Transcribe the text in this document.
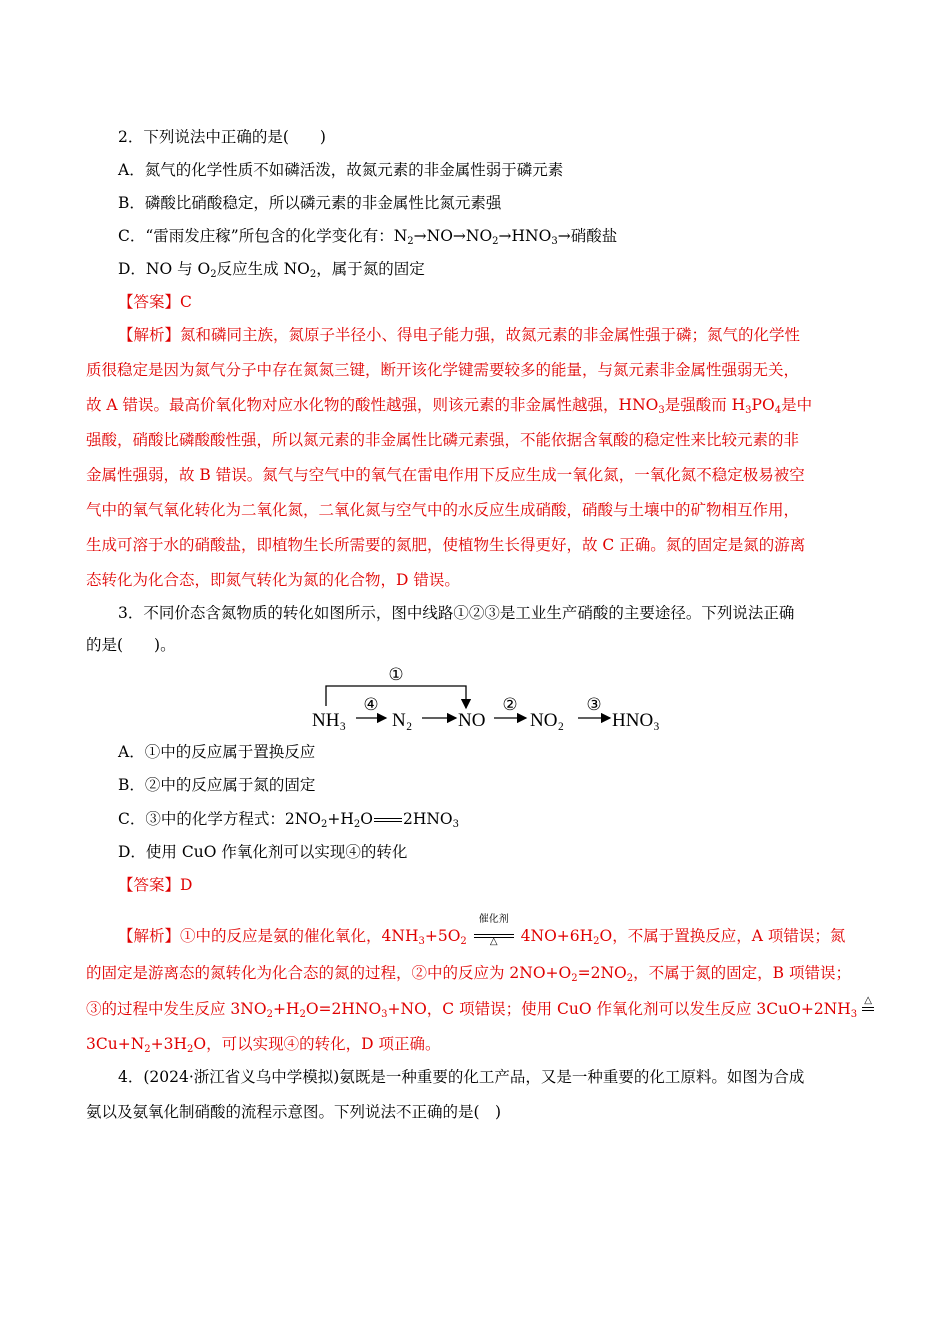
2．下列说法中正确的是(　　)
A．氮气的化学性质不如磷活泼，故氮元素的非金属性弱于磷元素
B．磷酸比硝酸稳定，所以磷元素的非金属性比氮元素强
C．“雷雨发庄稼”所包含的化学变化有：$N_2\to NO\to NO_2\to HNO_3\to$硝酸盐
D．NO 与 $O_2$反应生成 $NO_2$，属于氮的固定
【答案】C
【解析】氮和磷同主族，氮原子半径小、得电子能力强，故氮元素的非金属性强于磷；氮气的化学性
质很稳定是因为氮气分子中存在氮氮三键，断开该化学键需要较多的能量，与氮元素非金属性强弱无关，
故 A 错误。最高价氧化物对应水化物的酸性越强，则该元素的非金属性越强，$HNO_3$是强酸而 $H_3PO_4$是中
强酸，硝酸比磷酸酸性强，所以氮元素的非金属性比磷元素强，不能依据含氧酸的稳定性来比较元素的非
金属性强弱，故 B 错误。氮气与空气中的氧气在雷电作用下反应生成一氧化氮，一氧化氮不稳定极易被空
气中的氧气氧化转化为二氧化氮，二氧化氮与空气中的水反应生成硝酸，硝酸与土壤中的矿物相互作用，
生成可溶于水的硝酸盐，即植物生长所需要的氮肥，使植物生长得更好，故 C 正确。氮的固定是氮的游离
态转化为化合态，即氮气转化为氮的化合物，D 错误。
3．不同价态含氮物质的转化如图所示，图中线路①②③是工业生产硝酸的主要途径。下列说法正确
的是(　　)。
①
NH₃
④
N₂ NO
②
NO₂
③
HNO₃
A．①中的反应属于置换反应
B．②中的反应属于氮的固定
C．③中的化学方程式：$2NO_2+H_2O$ $2HNO_3$
D．使用 CuO 作氧化剂可以实现④的转化
【答案】D
【解析】①中的反应是氨的催化氧化，$4NH_3+5O_2$
催化剂
△	$4NO+6H_2O$，不属于置换反应，A 项错误；氮
的固定是游离态的氮转化为化合态的氮的过程，②中的反应为 $2NO+O_2=2NO_2$，不属于氮的固定，B 项错误；
③的过程中发生反应 $3NO_2+H_2O=2HNO_3+NO$，C 项错误；使用 CuO 作氧化剂可以发生反应 $3CuO+2NH_3$
△
$3Cu+N_2+3H_2O$，可以实现④的转化，D 项正确。
4．(2024·浙江省义乌中学模拟)氨既是一种重要的化工产品，又是一种重要的化工原料。如图为合成
氨以及氨氧化制硝酸的流程示意图。下列说法不正确的是(　)
